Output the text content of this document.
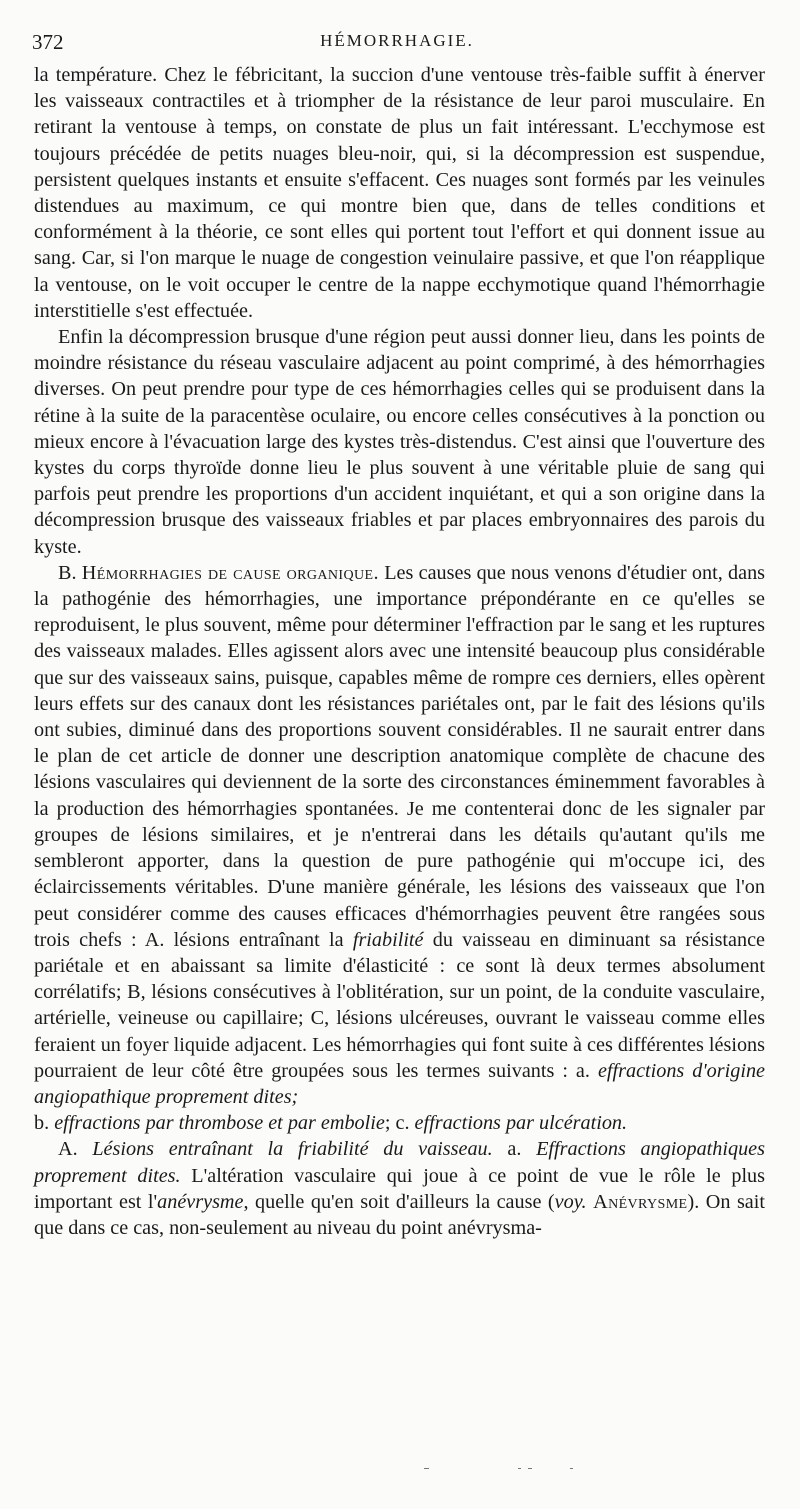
372	HÉMORRHAGIE.

la température. Chez le fébricitant, la succion d'une ventouse très-faible suffit à énerver les vaisseaux contractiles et à triompher de la résistance de leur paroi musculaire. En retirant la ventouse à temps, on constate de plus un fait intéressant. L'ecchymose est toujours précédée de petits nuages bleu-noir, qui, si la décompression est suspendue, persistent quelques instants et ensuite s'effacent. Ces nuages sont formés par les veinules distendues au maximum, ce qui montre bien que, dans de telles conditions et conformément à la théorie, ce sont elles qui portent tout l'effort et qui donnent issue au sang. Car, si l'on marque le nuage de congestion veinulaire passive, et que l'on réapplique la ventouse, on le voit occuper le centre de la nappe ecchymotique quand l'hémorrhagie interstitielle s'est effectuée.

Enfin la décompression brusque d'une région peut aussi donner lieu, dans les points de moindre résistance du réseau vasculaire adjacent au point comprimé, à des hémorrhagies diverses. On peut prendre pour type de ces hémorrhagies celles qui se produisent dans la rétine à la suite de la paracentèse oculaire, ou encore celles consécutives à la ponction ou mieux encore à l'évacuation large des kystes très-distendus. C'est ainsi que l'ouverture des kystes du corps thyroïde donne lieu le plus souvent à une véritable pluie de sang qui parfois peut prendre les proportions d'un accident inquiétant, et qui a son origine dans la décompression brusque des vaisseaux friables et par places embryonnaires des parois du kyste.

B. Hémorrhagies de cause organique. Les causes que nous venons d'étudier ont, dans la pathogénie des hémorrhagies, une importance prépondérante en ce qu'elles se reproduisent, le plus souvent, même pour déterminer l'effraction par le sang et les ruptures des vaisseaux malades. Elles agissent alors avec une intensité beaucoup plus considérable que sur des vaisseaux sains, puisque, capables même de rompre ces derniers, elles opèrent leurs effets sur des canaux dont les résistances pariétales ont, par le fait des lésions qu'ils ont subies, diminué dans des proportions souvent considérables. Il ne saurait entrer dans le plan de cet article de donner une description anatomique complète de chacune des lésions vasculaires qui deviennent de la sorte des circonstances éminemment favorables à la production des hémorrhagies spontanées. Je me contenterai donc de les signaler par groupes de lésions similaires, et je n'entrerai dans les détails qu'autant qu'ils me sembleront apporter, dans la question de pure pathogénie qui m'occupe ici, des éclaircissements véritables. D'une manière générale, les lésions des vaisseaux que l'on peut considérer comme des causes efficaces d'hémorrhagies peuvent être rangées sous trois chefs : A. lésions entraînant la friabilité du vaisseau en diminuant sa résistance pariétale et en abaissant sa limite d'élasticité : ce sont là deux termes absolument corrélatifs; B, lésions consécutives à l'oblitération, sur un point, de la conduite vasculaire, artérielle, veineuse ou capillaire; C, lésions ulcéreuses, ouvrant le vaisseau comme elles feraient un foyer liquide adjacent. Les hémorrhagies qui font suite à ces différentes lésions pourraient de leur côté être groupées sous les termes suivants : a. effractions d'origine angiopathique proprement dites;
b. effractions par thrombose et par embolie; c. effractions par ulcération.

A. Lésions entraînant la friabilité du vaisseau. a. Effractions angiopathiques proprement dites. L'altération vasculaire qui joue à ce point de vue le rôle le plus important est l'anévrysme, quelle qu'en soit d'ailleurs la cause (voy. Anévrysme). On sait que dans ce cas, non-seulement au niveau du point anévrysma-
